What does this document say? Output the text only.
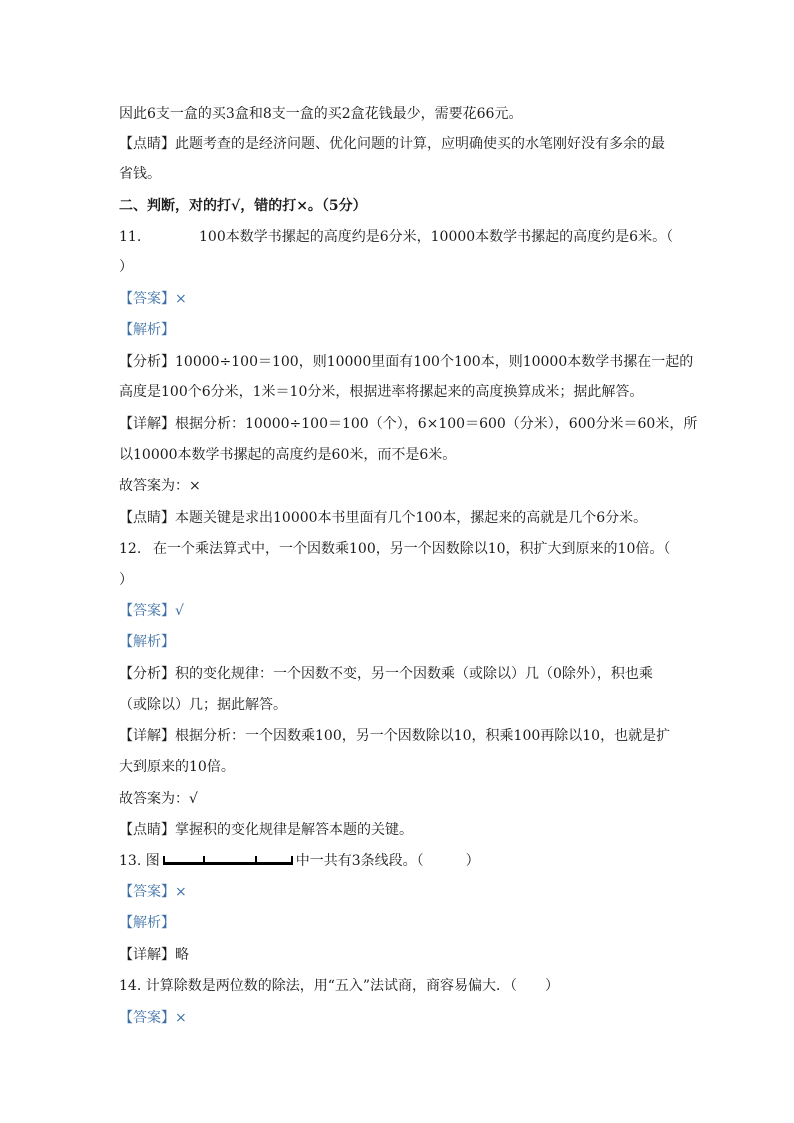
因此6支一盒的买3盒和8支一盒的买2盒花钱最少，需要花66元。
【点睛】此题考查的是经济问题、优化问题的计算，应明确使买的水笔刚好没有多余的最
省钱。
二、判断，对的打√，错的打×。（5分）
11.	100本数学书摞起的高度约是6分米，10000本数学书摞起的高度约是6米。（
）
【答案】×
【解析】
【分析】10000÷100＝100，则10000里面有100个100本，则10000本数学书摞在一起的
高度是100个6分米，1米＝10分米，根据进率将摞起来的高度换算成米；据此解答。
【详解】根据分析：10000÷100＝100（个），6×100＝600（分米），600分米＝60米，所
以10000本数学书摞起的高度约是60米，而不是6米。
故答案为：×
【点睛】本题关键是求出10000本书里面有几个100本，摞起来的高就是几个6分米。
12. 在一个乘法算式中，一个因数乘100，另一个因数除以10，积扩大到原来的10倍。（
）
【答案】√
【解析】
【分析】积的变化规律：一个因数不变，另一个因数乘（或除以）几（0除外），积也乘
（或除以）几；据此解答。
【详解】根据分析：一个因数乘100，另一个因数除以10，积乘100再除以10，也就是扩
大到原来的10倍。
故答案为：√
【点睛】掌握积的变化规律是解答本题的关键。
13. 图	中一共有3条线段。（　　　）
【答案】×
【解析】
【详解】略
14. 计算除数是两位数的除法，用“五入”法试商，商容易偏大．（　　）
【答案】×
